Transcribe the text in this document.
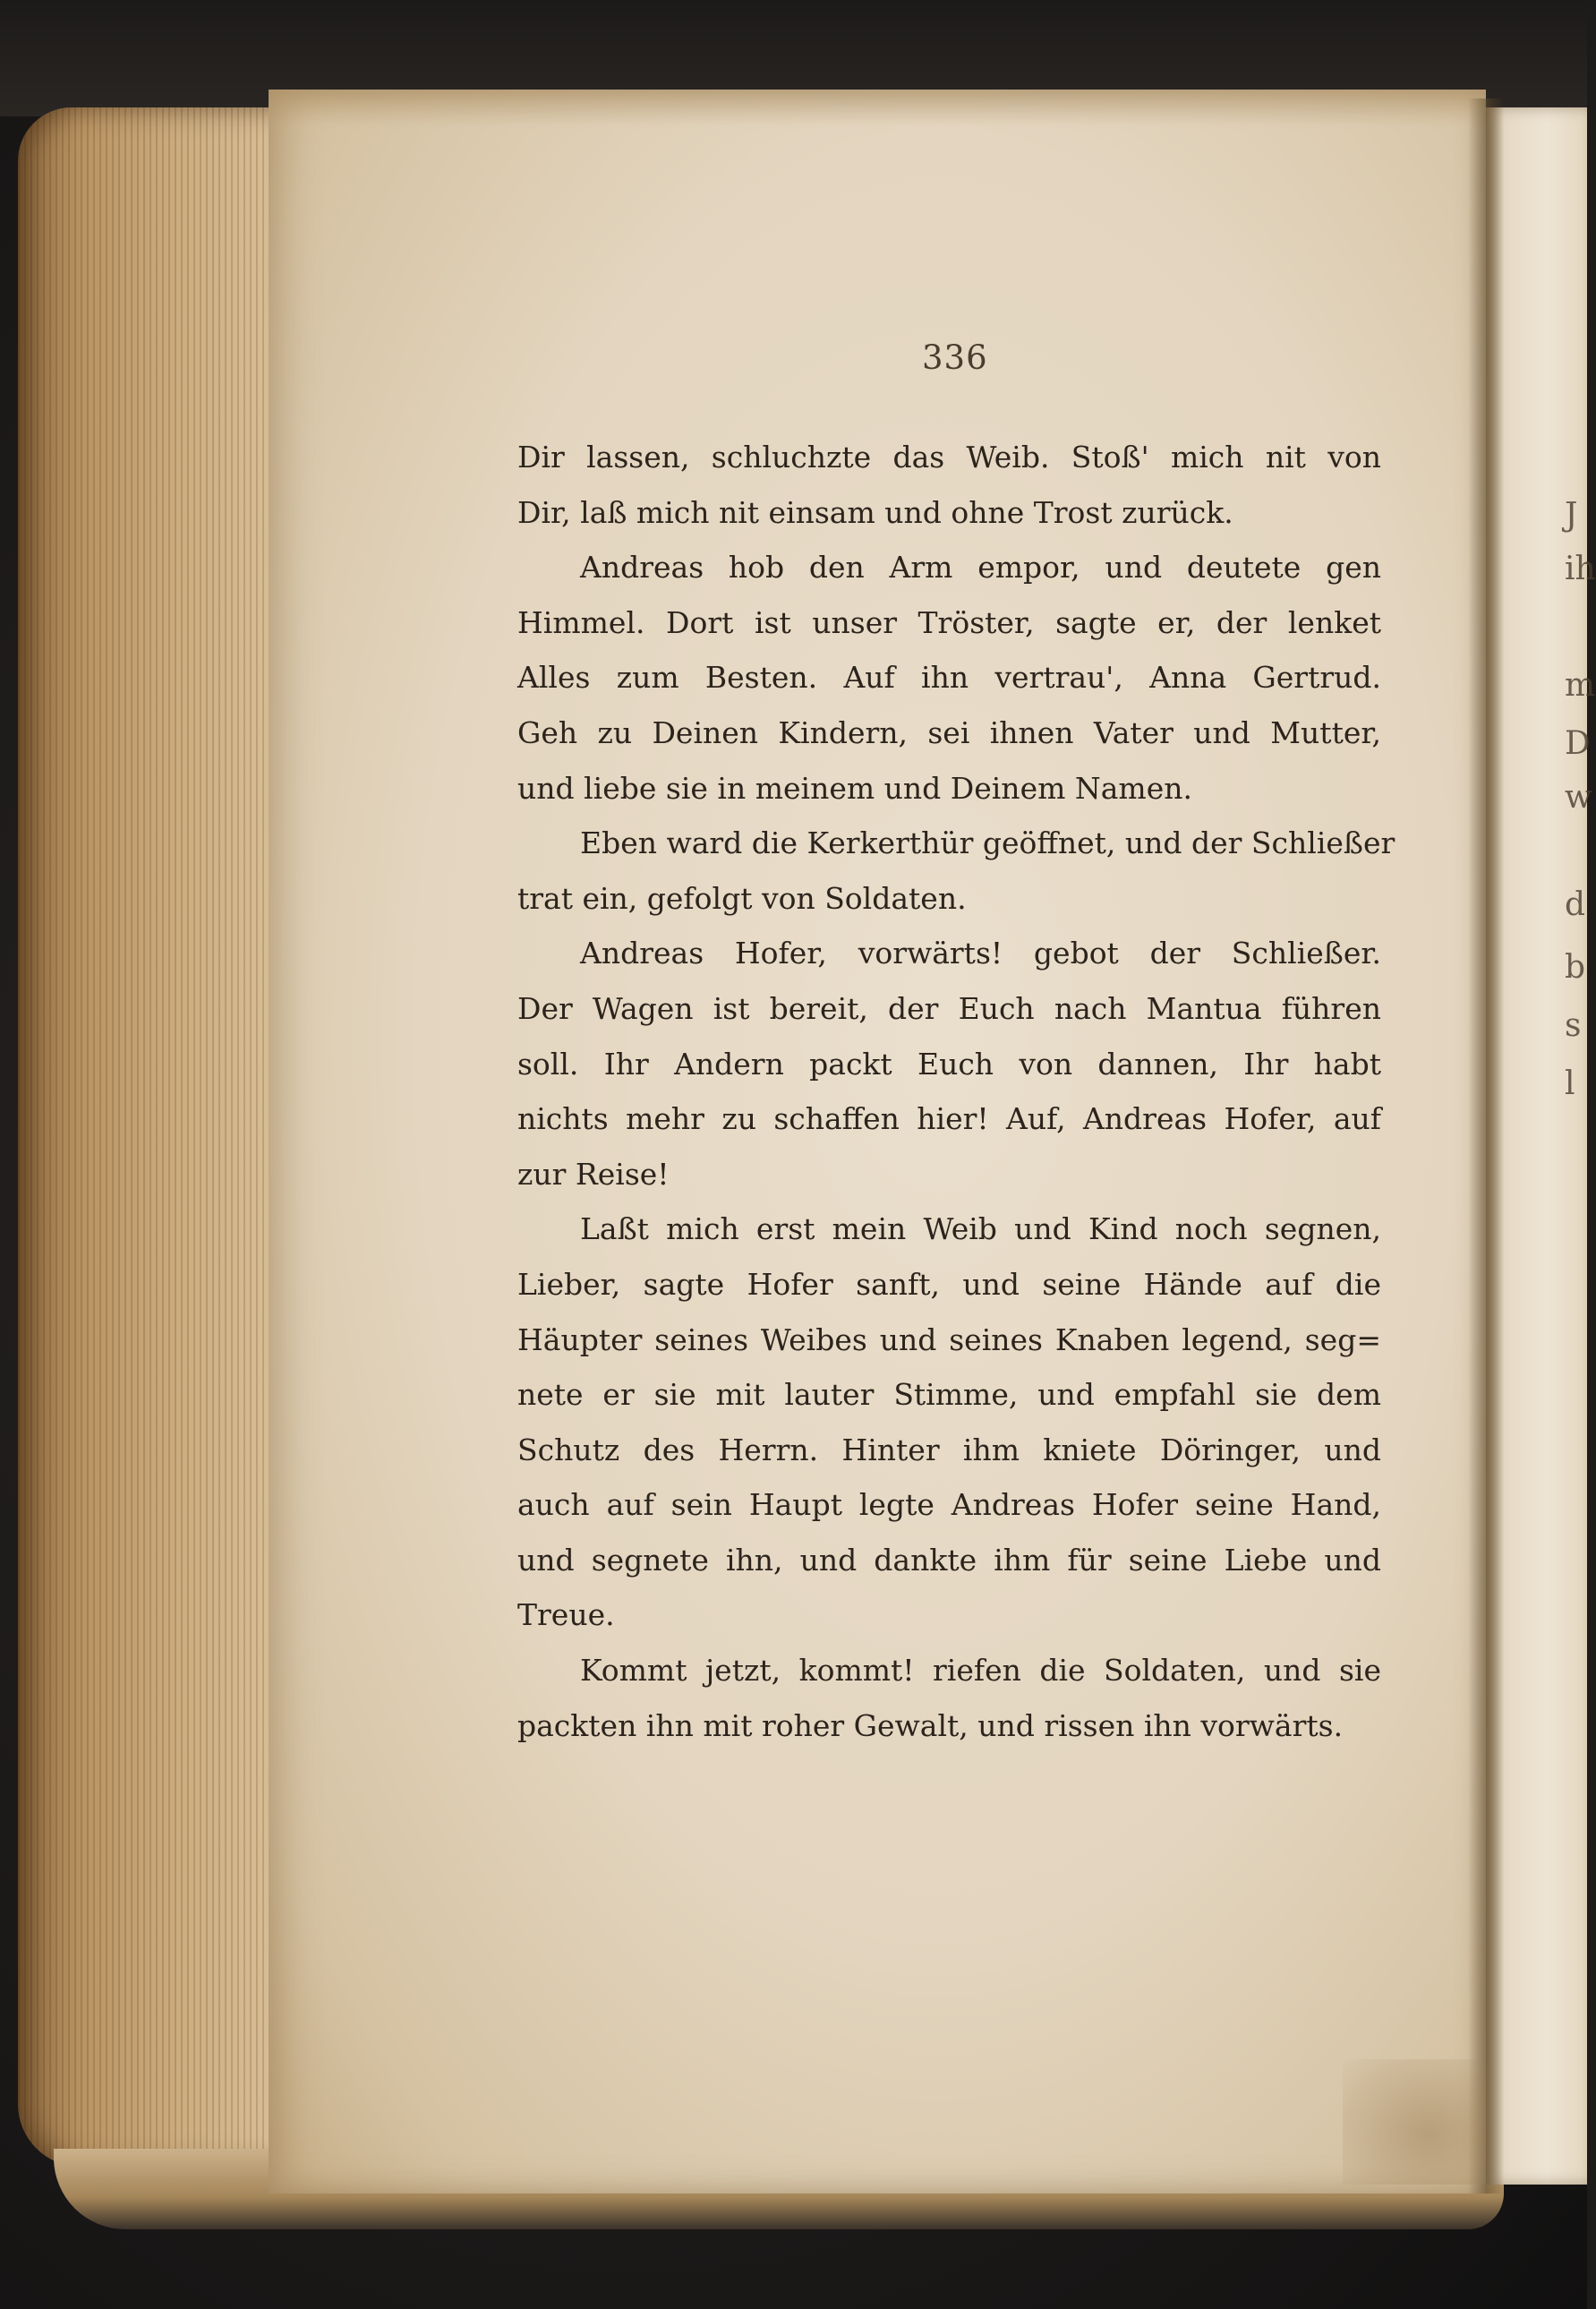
336
Dir lassen, schluchzte das Weib. Stoß' mich nit von
Dir, laß mich nit einsam und ohne Trost zurück.
Andreas hob den Arm empor, und deutete gen
Himmel. Dort ist unser Tröster, sagte er, der lenket
Alles zum Besten. Auf ihn vertrau', Anna Gertrud.
Geh zu Deinen Kindern, sei ihnen Vater und Mutter,
und liebe sie in meinem und Deinem Namen.
Eben ward die Kerkerthür geöffnet, und der Schließer
trat ein, gefolgt von Soldaten.
Andreas Hofer, vorwärts! gebot der Schließer.
Der Wagen ist bereit, der Euch nach Mantua führen
soll. Ihr Andern packt Euch von dannen, Ihr habt
nichts mehr zu schaffen hier! Auf, Andreas Hofer, auf
zur Reise!
Laßt mich erst mein Weib und Kind noch segnen,
Lieber, sagte Hofer sanft, und seine Hände auf die
Häupter seines Weibes und seines Knaben legend, seg=
nete er sie mit lauter Stimme, und empfahl sie dem
Schutz des Herrn. Hinter ihm kniete Döringer, und
auch auf sein Haupt legte Andreas Hofer seine Hand,
und segnete ihn, und dankte ihm für seine Liebe und
Treue.
Kommt jetzt, kommt! riefen die Soldaten, und sie
packten ihn mit roher Gewalt, und rissen ihn vorwärts.
J
ih
m
D
w
d
b
s
l
